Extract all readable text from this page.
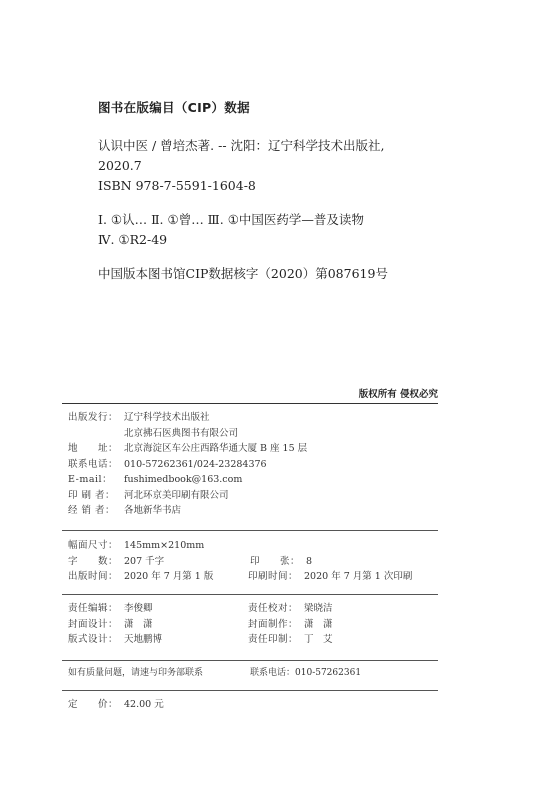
图书在版编目（CIP）数据
认识中医 / 曾培杰著. -- 沈阳：辽宁科学技术出版社,
2020.7
ISBN 978-7-5591-1604-8
Ⅰ. ①认… Ⅱ. ①曾… Ⅲ. ①中国医药学—普及读物
Ⅳ. ①R2-49
中国版本图书馆CIP数据核字（2020）第087619号
版权所有 侵权必究
出版发行： 辽宁科学技术出版社
北京拂石医典图书有限公司
地　　址： 北京海淀区车公庄西路华通大厦 B 座 15 层
联系电话： 010-57262361/024-23284376
E-mail：	fushimedbook@163.com
印 刷 者： 河北环京美印刷有限公司
经 销 者： 各地新华书店
幅面尺寸： 145mm×210mm
字　　数： 207 千字	印　　张： 8
出版时间： 2020 年 7 月第 1 版	印刷时间： 2020 年 7 月第 1 次印刷
责任编辑： 李俊卿	责任校对： 梁晓洁
封面设计： 潇　潇	封面制作： 潇　潇
版式设计： 天地鹏博	责任印制： 丁　艾
如有质量问题，请速与印务部联系	联系电话：010-57262361
定　　价： 42.00 元
